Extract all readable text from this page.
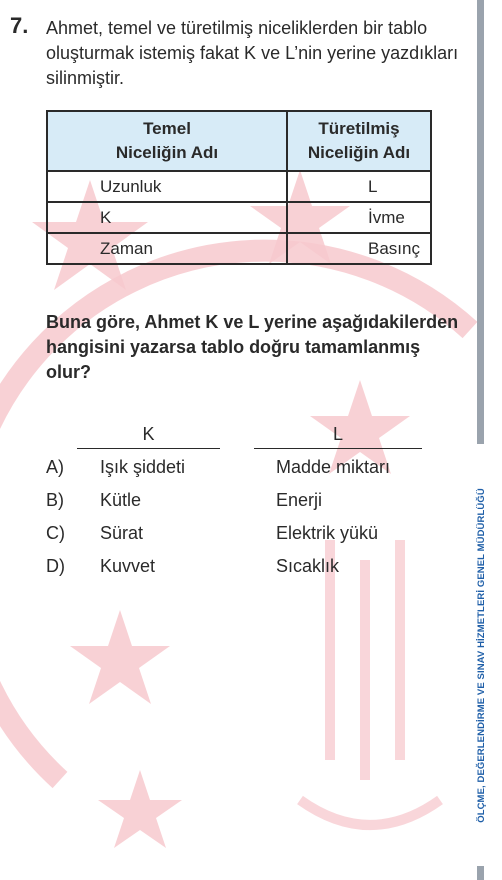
7. Ahmet, temel ve türetilmiş niceliklerden bir tablo oluşturmak istemiş fakat K ve L’nin yerine yazdıkları silinmiştir.
Temel Niceliğin Adı	Türetilmiş Niceliğin Adı
Uzunluk	L
K	İvme
Zaman	Basınç
Buna göre, Ahmet K ve L yerine aşağıdakilerden hangisini yazarsa tablo doğru tamamlanmış olur?
K	L
A) Işık şiddeti	Madde miktarı
B) Kütle	Enerji
C) Sürat	Elektrik yükü
D) Kuvvet	Sıcaklık	ÖLÇME, DEĞERLENDİRME VE SINAV HİZMETLERİ GENEL MÜDÜRLÜĞÜ
